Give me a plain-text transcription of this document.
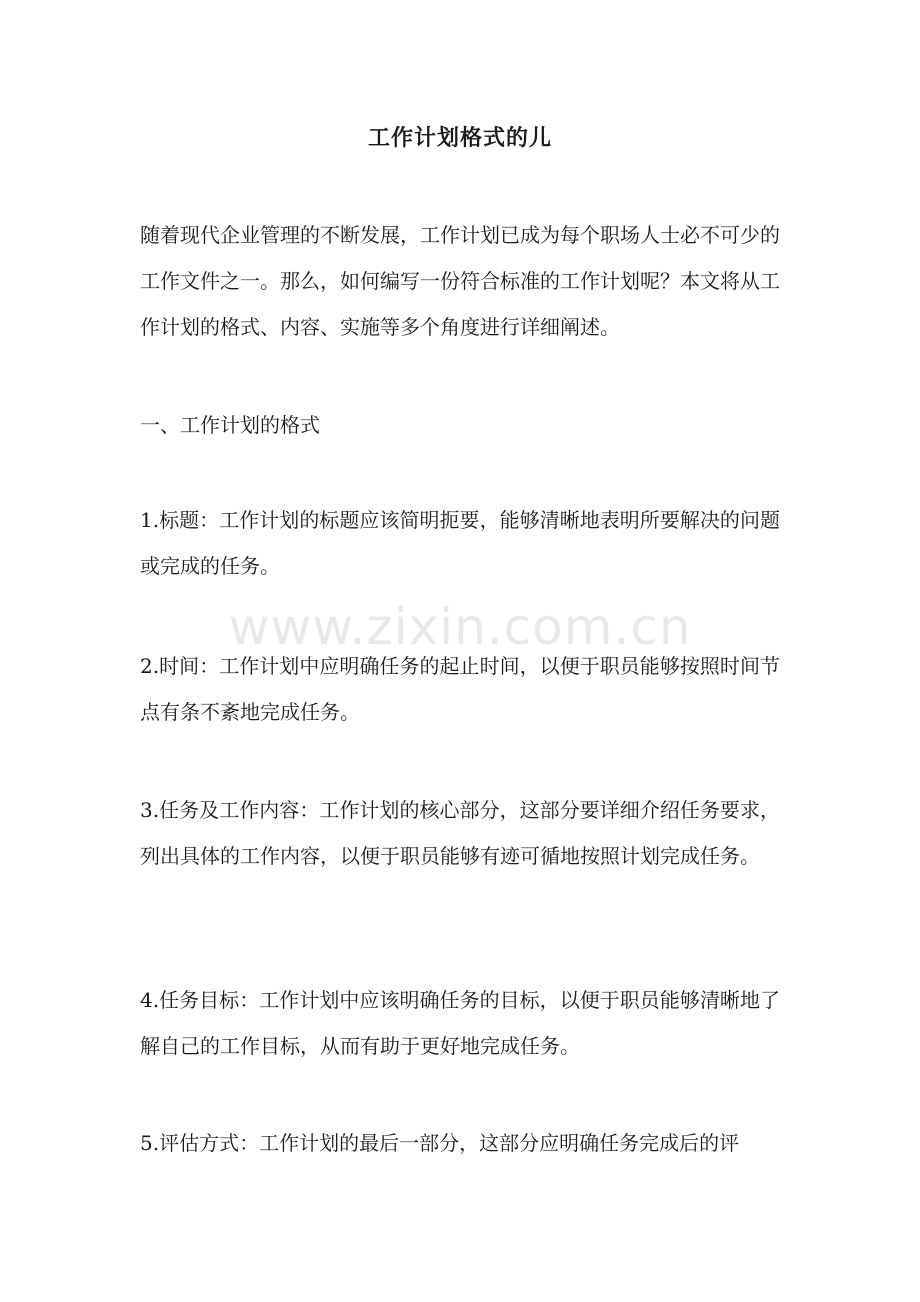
工作计划格式的儿

随着现代企业管理的不断发展，工作计划已成为每个职场人士必不可少的工作文件之一。那么，如何编写一份符合标准的工作计划呢？本文将从工作计划的格式、内容、实施等多个角度进行详细阐述。

一、工作计划的格式

1.标题：工作计划的标题应该简明扼要，能够清晰地表明所要解决的问题或完成的任务。

2.时间：工作计划中应明确任务的起止时间，以便于职员能够按照时间节点有条不紊地完成任务。

3.任务及工作内容：工作计划的核心部分，这部分要详细介绍任务要求，列出具体的工作内容，以便于职员能够有迹可循地按照计划完成任务。

4.任务目标：工作计划中应该明确任务的目标，以便于职员能够清晰地了解自己的工作目标，从而有助于更好地完成任务。

5.评估方式：工作计划的最后一部分，这部分应明确任务完成后的评

www.zixin.com.cn
